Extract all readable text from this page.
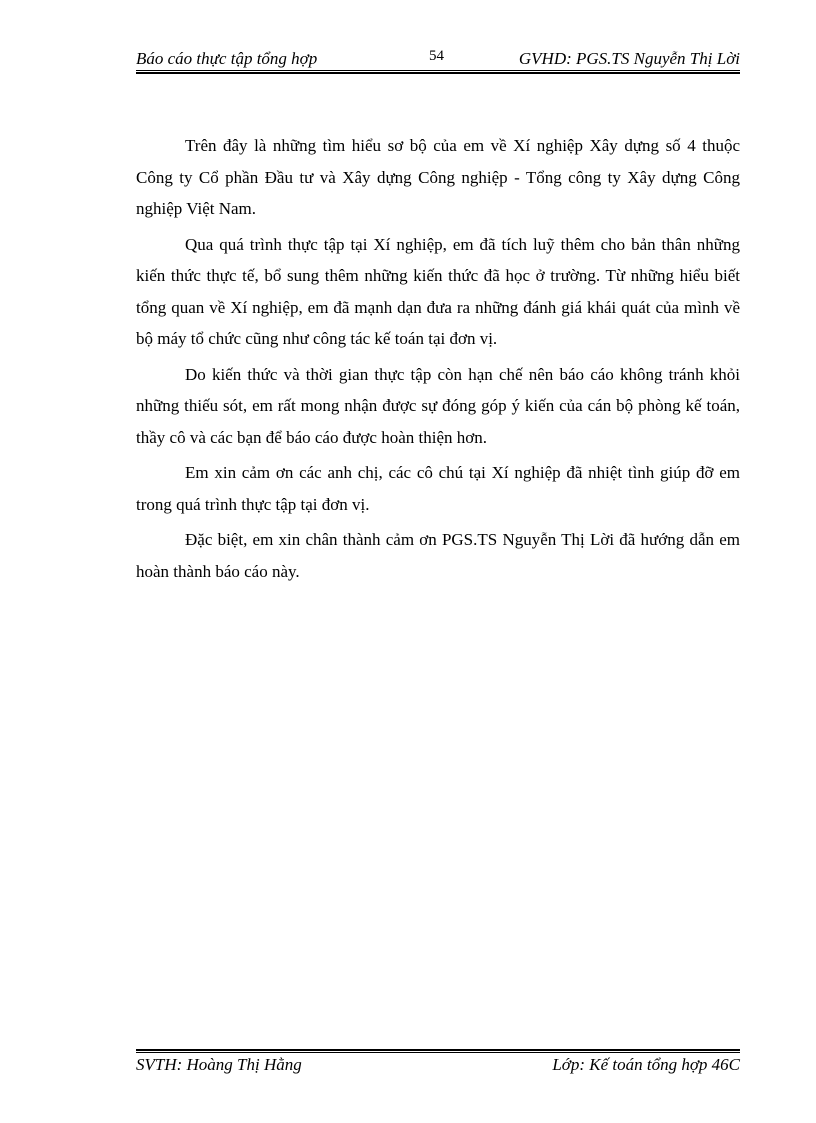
Báo cáo thực tập tổng hợp	54	GVHD: PGS.TS Nguyễn Thị Lời

Trên đây là những tìm hiểu sơ bộ của em về Xí nghiệp Xây dựng số 4 thuộc Công ty Cổ phần Đầu tư và Xây dựng Công nghiệp - Tổng công ty Xây dựng Công nghiệp Việt Nam.

Qua quá trình thực tập tại Xí nghiệp, em đã tích luỹ thêm cho bản thân những kiến thức thực tế, bổ sung thêm những kiến thức đã học ở trường. Từ những hiểu biết tổng quan về Xí nghiệp, em đã mạnh dạn đưa ra những đánh giá khái quát của mình về bộ máy tổ chức cũng như công tác kế toán tại đơn vị.

Do kiến thức và thời gian thực tập còn hạn chế nên báo cáo không tránh khỏi những thiếu sót, em rất mong nhận được sự đóng góp ý kiến của cán bộ phòng kế toán, thầy cô và các bạn để báo cáo được hoàn thiện hơn.

Em xin cảm ơn các anh chị, các cô chú tại Xí nghiệp đã nhiệt tình giúp đỡ em trong quá trình thực tập tại đơn vị.

Đặc biệt, em xin chân thành cảm ơn PGS.TS Nguyễn Thị Lời đã hướng dẫn em hoàn thành báo cáo này.

SVTH: Hoàng Thị Hằng	Lớp: Kế toán tổng hợp 46C
